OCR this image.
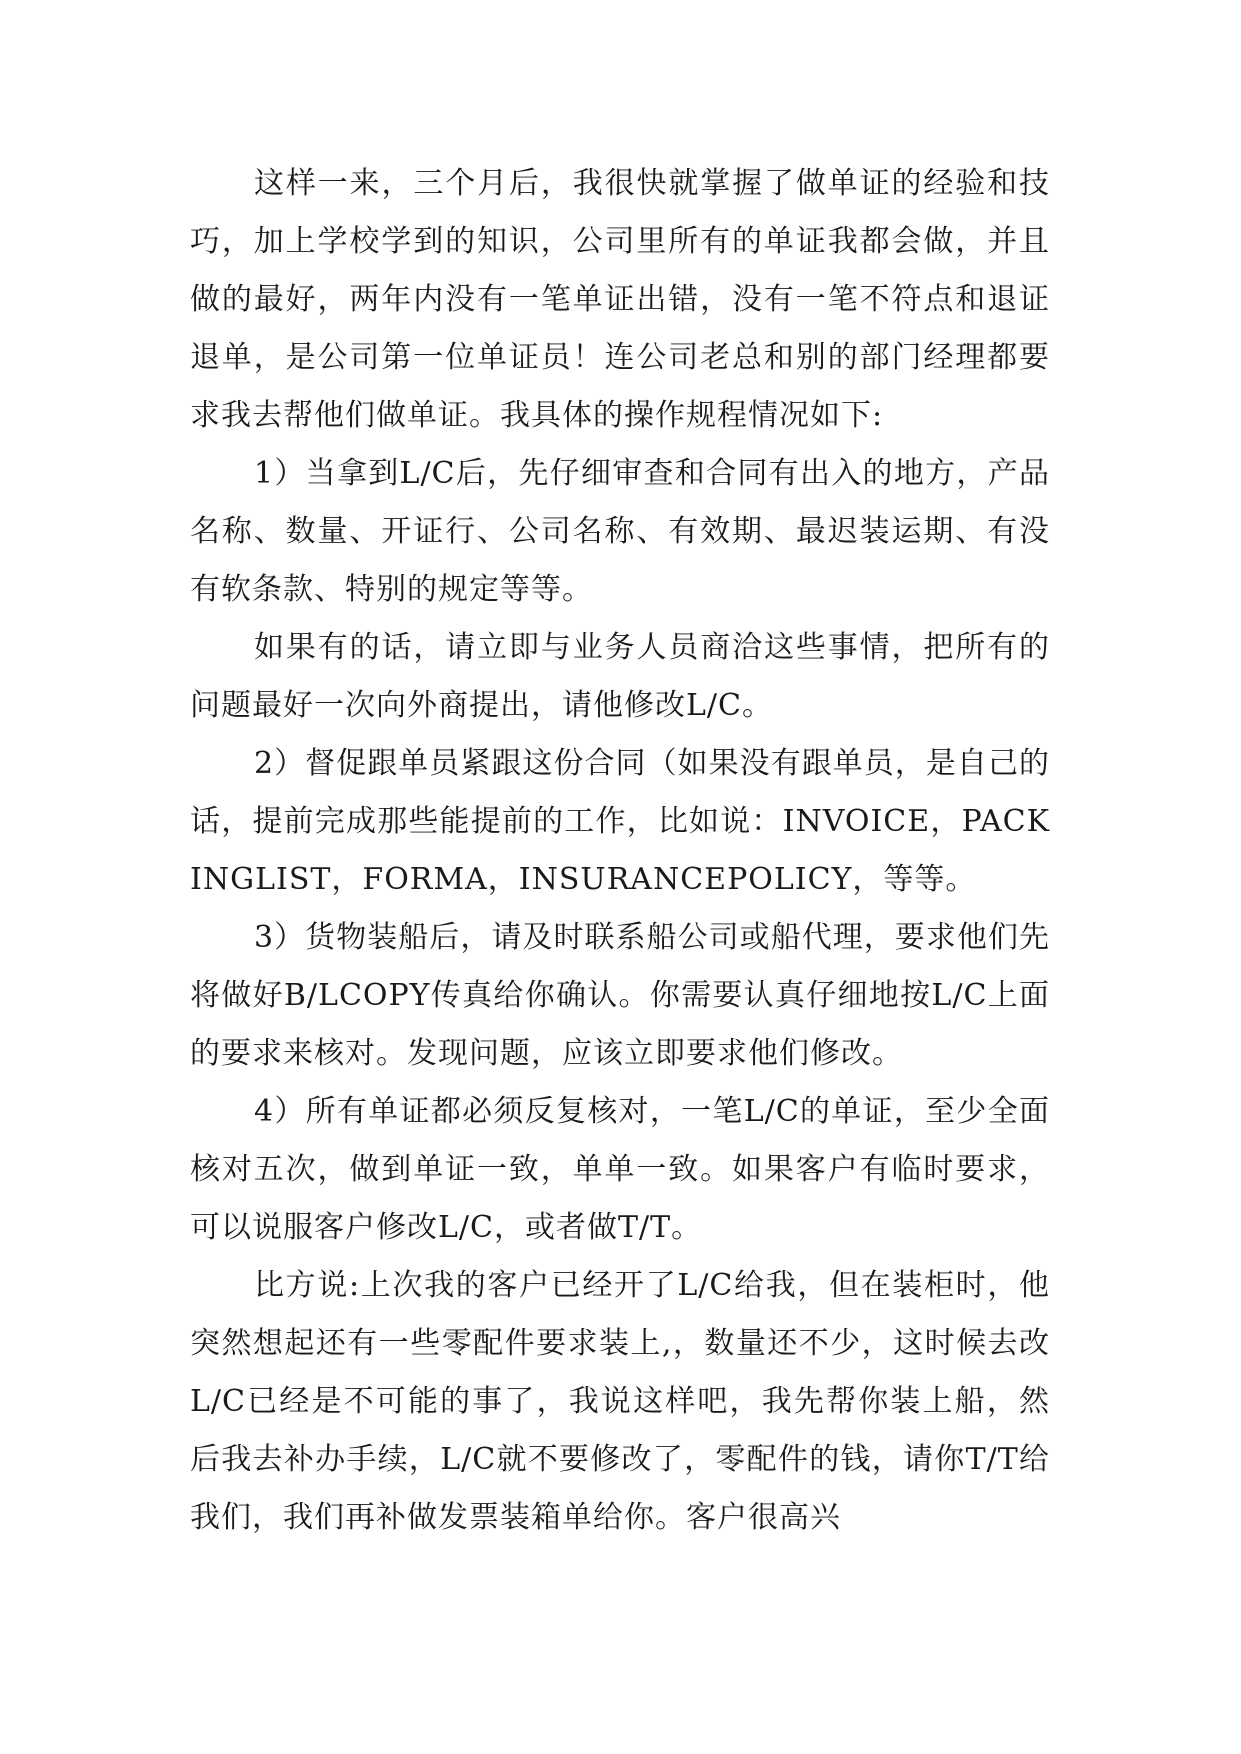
这样一来，三个月后，我很快就掌握了做单证的经验和技巧，加上学校学到的知识，公司里所有的单证我都会做，并且做的最好，两年内没有一笔单证出错，没有一笔不符点和退证退单，是公司第一位单证员！连公司老总和别的部门经理都要求我去帮他们做单证。我具体的操作规程情况如下:

1）当拿到L/C后，先仔细审查和合同有出入的地方，产品名称、数量、开证行、公司名称、有效期、最迟装运期、有没有软条款、特别的规定等等。

如果有的话，请立即与业务人员商洽这些事情，把所有的问题最好一次向外商提出，请他修改L/C。

2）督促跟单员紧跟这份合同（如果没有跟单员，是自己的话，提前完成那些能提前的工作，比如说：INVOICE，PACKINGLIST，FORMA，INSURANCEPOLICY，等等。

3）货物装船后，请及时联系船公司或船代理，要求他们先将做好B/LCOPY传真给你确认。你需要认真仔细地按L/C上面的要求来核对。发现问题，应该立即要求他们修改。

4）所有单证都必须反复核对，一笔L/C的单证，至少全面核对五次，做到单证一致，单单一致。如果客户有临时要求，可以说服客户修改L/C，或者做T/T。

比方说:上次我的客户已经开了L/C给我，但在装柜时，他突然想起还有一些零配件要求装上,，数量还不少，这时候去改L/C已经是不可能的事了，我说这样吧，我先帮你装上船，然后我去补办手续，L/C就不要修改了，零配件的钱，请你T/T给我们，我们再补做发票装箱单给你。客户很高兴
